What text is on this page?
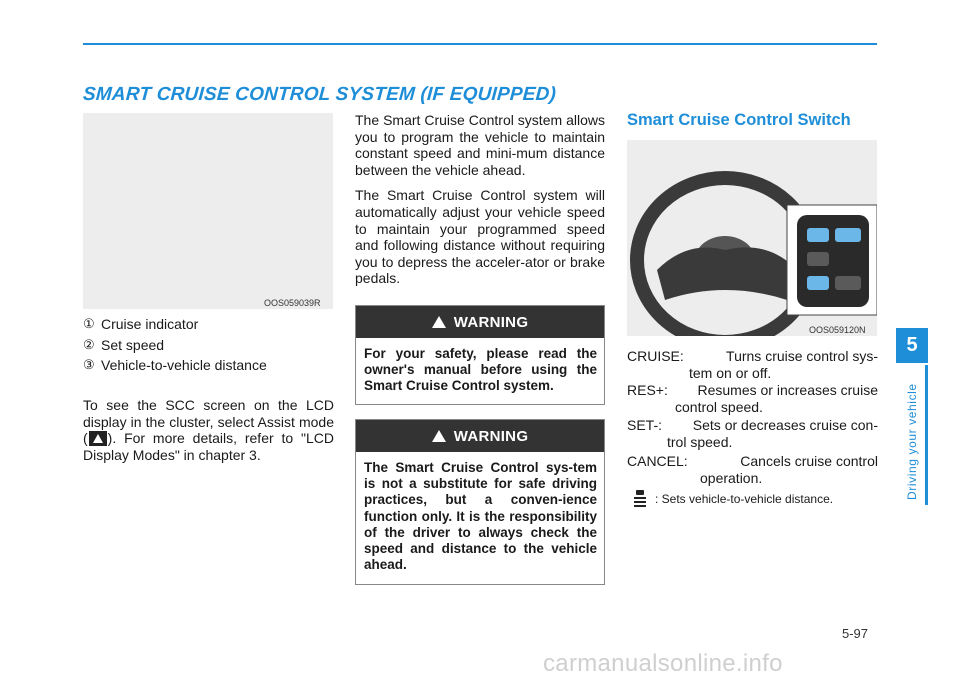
SMART CRUISE CONTROL SYSTEM (IF EQUIPPED)
OOS059039R
① Cruise indicator
② Set speed
③ Vehicle-to-vehicle distance

To see the SCC screen on the LCD display in the cluster, select Assist mode ( ). For more details, refer to "LCD Display Modes" in chapter 3.

The Smart Cruise Control system allows you to program the vehicle to maintain constant speed and mini-mum distance between the vehicle ahead.

The Smart Cruise Control system will automatically adjust your vehicle speed to maintain your programmed speed and following distance without requiring you to depress the acceler-ator or brake pedals.

WARNING
For your safety, please read the owner's manual before using the Smart Cruise Control system.
WARNING
The Smart Cruise Control sys-tem is not a substitute for safe driving practices, but a conven-ience function only. It is the responsibility of the driver to always check the speed and distance to the vehicle ahead.
Smart Cruise Control Switch
OOS059120N
CRUISE:	Turns cruise control sys-
tem on or off.
RES+: Resumes or increases cruise
control speed.
SET-: Sets or decreases cruise con-
trol speed.
CANCEL:	Cancels cruise control
operation.
: Sets vehicle-to-vehicle distance.
5
Driving your vehicle
5-97
carmanualsonline.info
